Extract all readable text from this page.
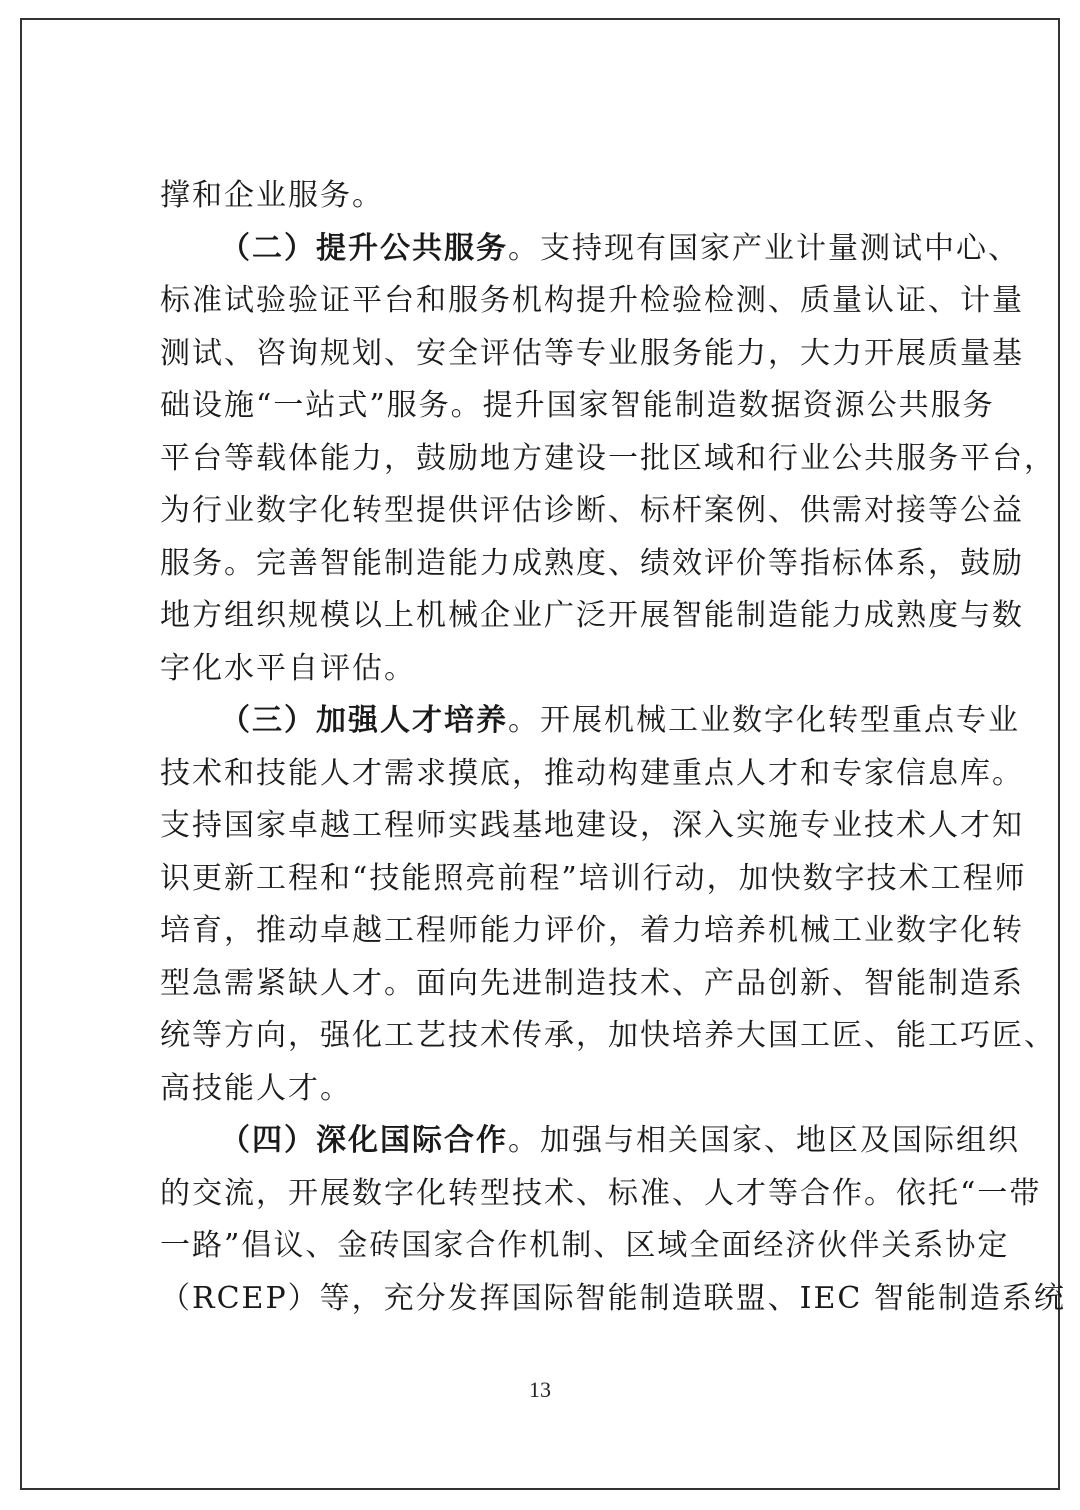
撑和企业服务。
（二）提升公共服务。支持现有国家产业计量测试中心、
标准试验验证平台和服务机构提升检验检测、质量认证、计量
测试、咨询规划、安全评估等专业服务能力，大力开展质量基
础设施“一站式”服务。提升国家智能制造数据资源公共服务
平台等载体能力，鼓励地方建设一批区域和行业公共服务平台，
为行业数字化转型提供评估诊断、标杆案例、供需对接等公益
服务。完善智能制造能力成熟度、绩效评价等指标体系，鼓励
地方组织规模以上机械企业广泛开展智能制造能力成熟度与数
字化水平自评估。
（三）加强人才培养。开展机械工业数字化转型重点专业
技术和技能人才需求摸底，推动构建重点人才和专家信息库。
支持国家卓越工程师实践基地建设，深入实施专业技术人才知
识更新工程和“技能照亮前程”培训行动，加快数字技术工程师
培育，推动卓越工程师能力评价，着力培养机械工业数字化转
型急需紧缺人才。面向先进制造技术、产品创新、智能制造系
统等方向，强化工艺技术传承，加快培养大国工匠、能工巧匠、
高技能人才。
（四）深化国际合作。加强与相关国家、地区及国际组织
的交流，开展数字化转型技术、标准、人才等合作。依托“一带
一路”倡议、金砖国家合作机制、区域全面经济伙伴关系协定
（RCEP）等，充分发挥国际智能制造联盟、IEC 智能制造系统
13
